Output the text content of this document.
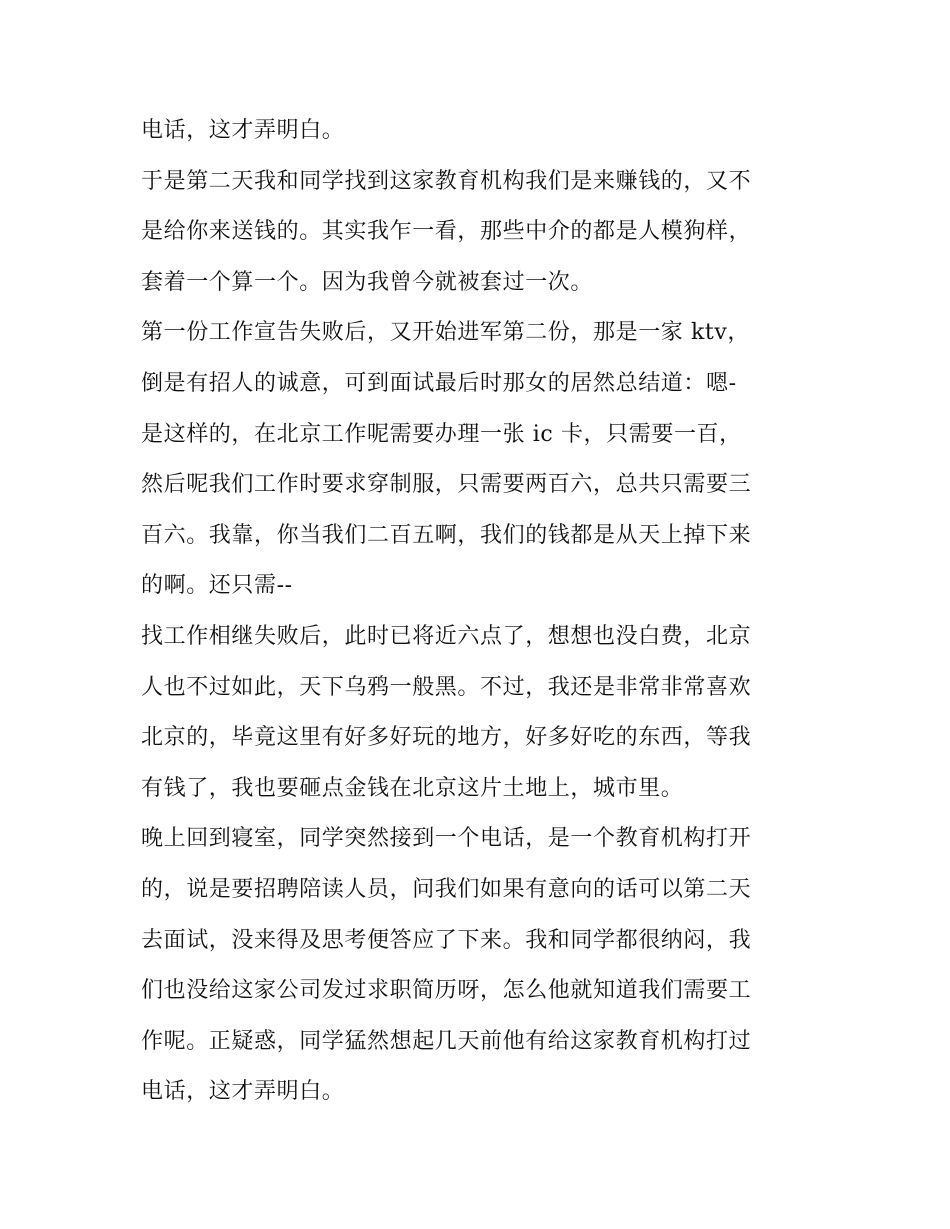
电话，这才弄明白。
于是第二天我和同学找到这家教育机构我们是来赚钱的，又不
是给你来送钱的。其实我乍一看，那些中介的都是人模狗样，
套着一个算一个。因为我曾今就被套过一次。
第一份工作宣告失败后，又开始进军第二份，那是一家 ktv，
倒是有招人的诚意，可到面试最后时那女的居然总结道：嗯-
是这样的，在北京工作呢需要办理一张 ic 卡，只需要一百，
然后呢我们工作时要求穿制服，只需要两百六，总共只需要三
百六。我靠，你当我们二百五啊，我们的钱都是从天上掉下来
的啊。还只需--
找工作相继失败后，此时已将近六点了，想想也没白费，北京
人也不过如此，天下乌鸦一般黑。不过，我还是非常非常喜欢
北京的，毕竟这里有好多好玩的地方，好多好吃的东西，等我
有钱了，我也要砸点金钱在北京这片土地上，城市里。
晚上回到寝室，同学突然接到一个电话，是一个教育机构打开
的，说是要招聘陪读人员，问我们如果有意向的话可以第二天
去面试，没来得及思考便答应了下来。我和同学都很纳闷，我
们也没给这家公司发过求职简历呀，怎么他就知道我们需要工
作呢。正疑惑，同学猛然想起几天前他有给这家教育机构打过
电话，这才弄明白。
